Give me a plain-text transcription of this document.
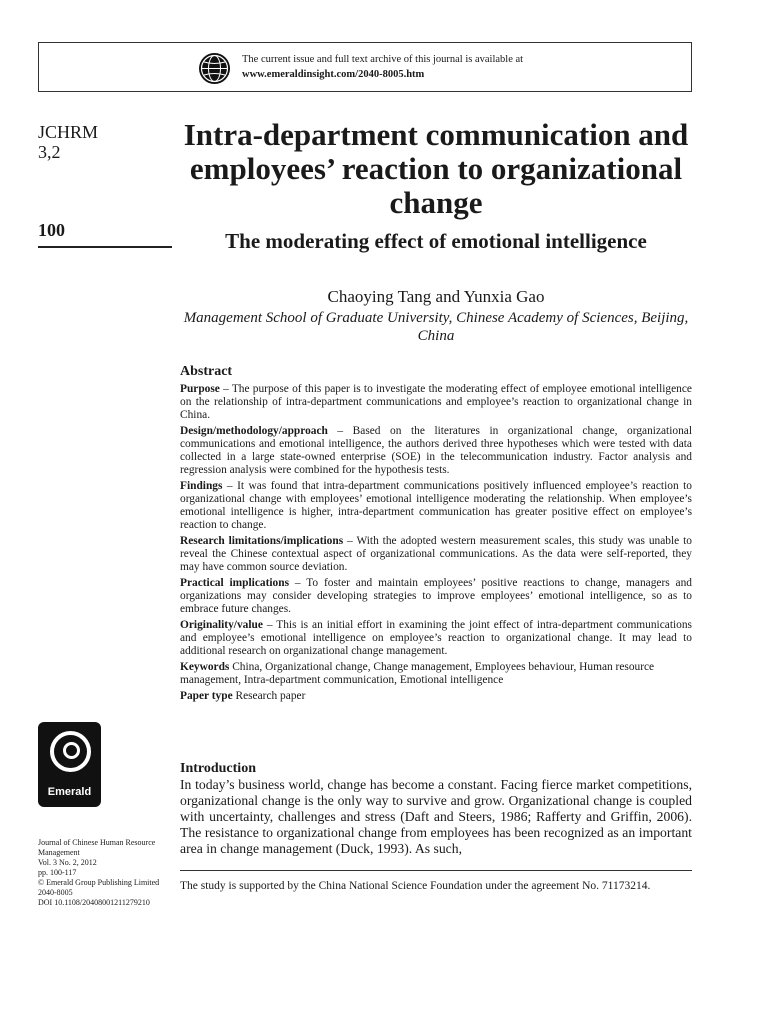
The current issue and full text archive of this journal is available at
www.emeraldinsight.com/2040-8005.htm
JCHRM
3,2
100
Intra-department communication and employees’ reaction to organizational change
The moderating effect of emotional intelligence
Chaoying Tang and Yunxia Gao
Management School of Graduate University, Chinese Academy of Sciences, Beijing, China
Abstract

Purpose – The purpose of this paper is to investigate the moderating effect of employee emotional intelligence on the relationship of intra-department communications and employee’s reaction to organizational change in China.

Design/methodology/approach – Based on the literatures in organizational change, organizational communications and emotional intelligence, the authors derived three hypotheses which were tested with data collected in a large state-owned enterprise (SOE) in the telecommunication industry. Factor analysis and regression analysis were combined for the hypothesis tests.

Findings – It was found that intra-department communications positively influenced employee’s reaction to organizational change with employees’ emotional intelligence moderating the relationship. When employee’s emotional intelligence is higher, intra-department communication has greater positive effect on employee’s reaction to change.

Research limitations/implications – With the adopted western measurement scales, this study was unable to reveal the Chinese contextual aspect of organizational communications. As the data were self-reported, they may have common source deviation.

Practical implications – To foster and maintain employees’ positive reactions to change, managers and organizations may consider developing strategies to improve employees’ emotional intelligence, so as to embrace future changes.

Originality/value – This is an initial effort in examining the joint effect of intra-department communications and employee’s emotional intelligence on employee’s reaction to organizational change. It may lead to additional research on organizational change management.

Keywords China, Organizational change, Change management, Employees behaviour, Human resource management, Intra-department communication, Emotional intelligence

Paper type Research paper

Emerald
Journal of Chinese Human Resource Management
Vol. 3 No. 2, 2012
pp. 100-117
© Emerald Group Publishing Limited
2040-8005
DOI 10.1108/20408001211279210
Introduction

In today’s business world, change has become a constant. Facing fierce market competitions, organizational change is the only way to survive and grow. Organizational change is coupled with uncertainty, challenges and stress (Daft and Steers, 1986; Rafferty and Griffin, 2006). The resistance to organizational change from employees has been recognized as an important area in change management (Duck, 1993). As such,

The study is supported by the China National Science Foundation under the agreement No. 71173214.
